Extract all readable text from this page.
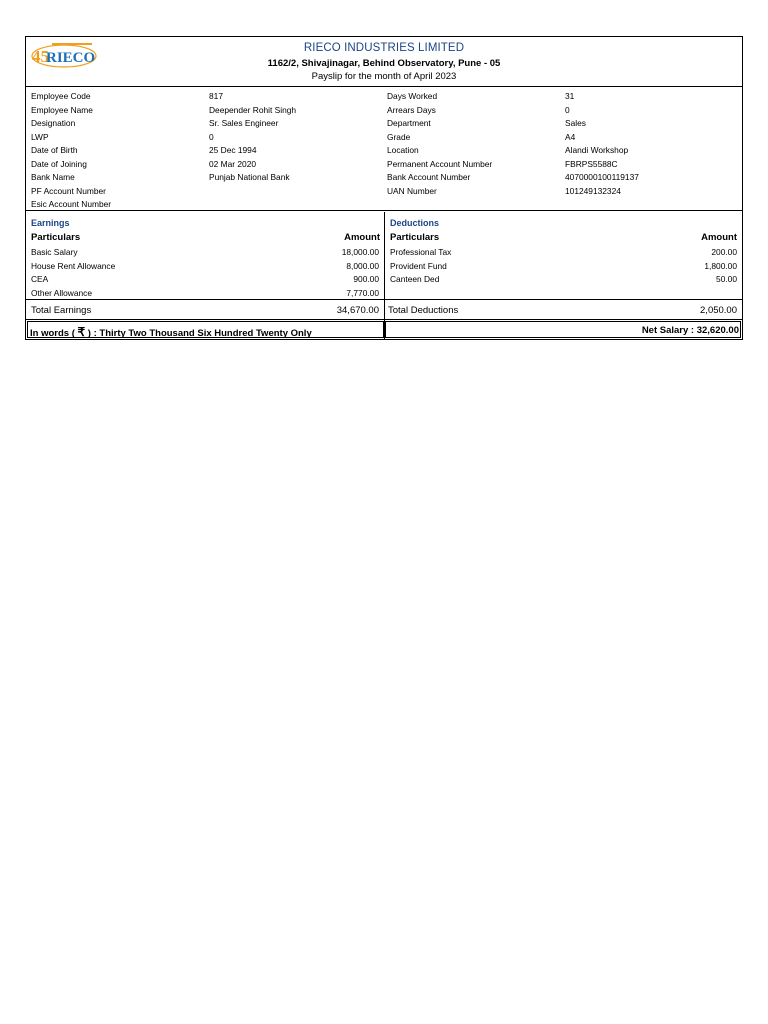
45
RIECO
RIECO INDUSTRIES LIMITED
1162/2, Shivajinagar, Behind Observatory, Pune - 05
Payslip for the month of April 2023
Employee Code	817
Employee Name	Deepender Rohit Singh
Designation	Sr. Sales Engineer
LWP	0
Date of Birth	25 Dec 1994
Date of Joining	02 Mar 2020
Bank Name	Punjab National Bank
PF Account Number
Esic Account Number
Days Worked	31
Arrears Days	0
Department	Sales
Grade	A4
Location	Alandi Workshop
Permanent Account Number	FBRPS5588C
Bank Account Number	4070000100119137
UAN Number	101249132324
Earnings
Particulars	Amount
Basic Salary	18,000.00
House Rent Allowance	8,000.00
CEA	900.00
Other Allowance	7,770.00
Deductions
Particulars	Amount
Professional Tax	200.00
Provident Fund	1,800.00
Canteen Ded	50.00
Total Earnings	34,670.00 Total Deductions	2,050.00
In words ( ₹ ) : Thirty Two Thousand Six Hundred Twenty Only	Net Salary : 32,620.00
